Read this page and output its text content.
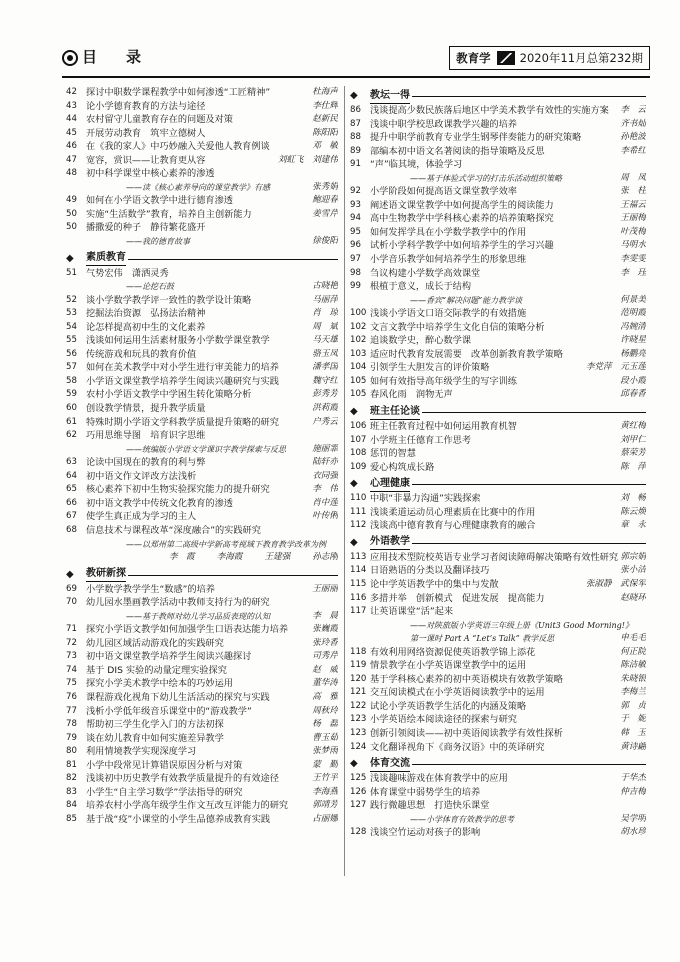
目　录	教育学	2020年11月总第232期
42 探讨中职数学课程教学中如何渗透“工匠精神”	杜海声
43 论小学德育教育的方法与途径	李仕辉
44 农村留守儿童教育存在的问题及对策	赵新民
45 开展劳动教育　筑牢立德树人	陈阳阳
46 在《我的家人》中巧妙融入关爱他人教育例谈	邓　敏
47 宽容，赏识——让教育更从容	刘虹飞　刘建伟
48 初中科学课堂中核心素养的渗透
——读《核心素养导向的课堂教学》有感	张秀娟
49 如何在小学语文教学中进行德育渗透	鲍迎春
50 实施“生活数学”教育，培养自主创新能力	姜雪芹
50 播撒爱的种子　静待繁花盛开
——我的德育故事	徐俊阳
◆	素质教育
51 气势宏伟　潇洒灵秀
——论挖石鼓	古晓艳
52 谈小学数学教学评一致性的教学设计策略	马丽萍
53 挖掘法治资源　弘扬法治精神	肖　琼
54 论怎样提高初中生的文化素养	周　斌
55 浅谈如何运用生活素材服务小学数学课堂教学	马天雄
56 传统游戏和玩具的教育价值	骆玉凤
57 如何在美术教学中对小学生进行审美能力的培养	潘孝国
58 小学语文课堂教学培养学生阅读兴趣研究与实践	魏守红
59 农村小学语文教学中学困生转化策略分析	彭秀芳
60 创设教学情景，提升教学质量	洪莉霞
61 特殊时期小学语文学科教学质量提升策略的研究	户秀云
62 巧用思维导图　培育识字思维
——统编版小学语文学课识字教学探索与反思	施丽霏
63 论读中国现在的教育的利与弊	陆轩亦
64 初中语文作文评改方法浅析	衣同强
65 核心素养下初中生物实验探究能力的提升研究	李　伟
66 初中语文教学中传统文化教育的渗透	肖中莲
67 使学生真正成为学习的主人	叶传俐
68 信息技术与课程改革“深度融合”的实践研究
——以郑州第二高级中学新高考视域下教育教学改革为例
李　霞	李海霞	王建强	孙志刚
◆	教研新探
69 小学数学教学学生“数感”的培养	王丽丽
70 幼儿园水墨画教学活动中教师支持行为的研究
——基于教师对幼儿学习品质表现的认知	李　晨
71 探究小学语文教学如何加强学生口语表达能力培养	张巍霞
72 幼儿园区域活动游戏化的实践研究	张玲香
73 初中语文课堂教学培养学生阅读兴趣探讨	司秀芹
74 基于 DIS 实验的动量定理实验探究	赵　威
75 探究小学美术教学中绘本的巧妙运用	董华涛
76 课程游戏化视角下幼儿生活活动的探究与实践	高　雅
77 浅析小学低年级音乐课堂中的“游戏教学”	周秋玲
78 帮助初三学生化学入门的方法初探	杨　磊
79 谈在幼儿教育中如何实施差异教学	曹玉茹
80 利用情境教学实现深度学习	张梦雨
81 小学中段常见计算错误原因分析与对策	蒙　勤
82 浅谈初中历史教学有效教学质量提升的有效途径	王竹平
83 小学生“自主学习数学”学法指导的研究	李海燕
84 培养农村小学高年级学生作文互改互评能力的研究	郭靖芳
85 基于战“疫”小课堂的小学生品德养成教育实践	占丽娜
◆	教坛一得
86 浅谈提高少数民族落后地区中学美术教学有效性的实施方案	李　云
87 浅谈中职学校思政课教学兴趣的培养	齐书灿
88 提升中职学前教育专业学生钢琴伴奏能力的研究策略	孙艳波
89 部编本初中语文名著阅读的指导策略及反思	李希红
91 “声”临其境，体验学习
——基于体验式学习的打击乐活动组织策略	周　凤
92 小学阶段如何提高语文课堂教学效率	张　柱
93 阐述语文课堂教学中如何提高学生的阅读能力	王福云
94 高中生物教学中学科核心素养的培养策略探究	王丽梅
95 如何发挥学具在小学数学教学中的作用	叶茂梅
96 试析小学科学教学中如何培养学生的学习兴趣	马明水
97 小学音乐教学如何培养学生的形象思维	李雯雯
98 刍议构建小学数学高效课堂	李　珏
99 根植于意义，成长于结构
——香宾“解决问题”能力教学谈	何景美
100 浅谈小学语文口语交际教学的有效措施	范明霞
102 文言文教学中培养学生文化自信的策略分析	冯婉清
102 追谈数学史，醉心数学课	许晓星
103 适应时代教育发展需要　改革创新教育教学策略	杨鹏亮
104 引领学生大胆发言的评价策略	李党萍　元玉莲
105 如何有效指导高年级学生的写字训练	段小霞
105 春风化雨　润物无声	邱春香
◆	班主任论谈
106 班主任教育过程中如何运用教育机智	黄红梅
107 小学班主任德育工作思考	刘甲仁
108 惩罚的智慧	蔡荣芳
109 爱心构筑成长路	陈　萍
◆	心理健康
110 中职“非暴力沟通”实践探索	刘　畅
111 浅谈柔道运动员心理素质在比赛中的作用	陈云焕
112 浅谈高中德育教育与心理健康教育的融合	章　永
◆	外语教学
113 应用技术型院校英语专业学习者阅读障碍解决策略有效性研究 郭宗娟
114 日语熟语的分类以及翻译技巧	张小洁
115 论中学英语教学中的集中与发散	张淑静　武保军
116 多措并举　创新模式　促进发展　提高能力	赵晓环
117 让英语课堂“活”起来
——对陕旅版小学英语三年级上册《Unit3 Good Morning!》
第一课时 Part A “Let’s Talk” 教学反思	申毛毛
118 有效利用网络资源促使英语教学锦上添花	何正院
119 情景教学在小学英语课堂教学中的运用	陈洁敏
120 基于学科核心素养的初中英语模块有效教学策略	朱晓银
121 交互阅读模式在小学英语阅读教学中的运用	李梅兰
122 试论小学英语教学生活化的内涵及策略	郭　贞
123 小学英语绘本阅读途径的探索与研究	于　妮
123 创新引领阅读——初中英语阅读教学有效性探析	韩　玉
124 文化翻译视角下《商务汉语》中的英译研究	黄诗翩
◆	体育交流
125 浅谈趣味游戏在体育教学中的应用	于华杰
126 体育课堂中弱势学生的培养	仲吉梅
127 践行微趣思想　打造快乐课堂
——小学体育有效教学的思考	吴学明
128 浅谈空竹运动对孩子的影响	胡水珍
